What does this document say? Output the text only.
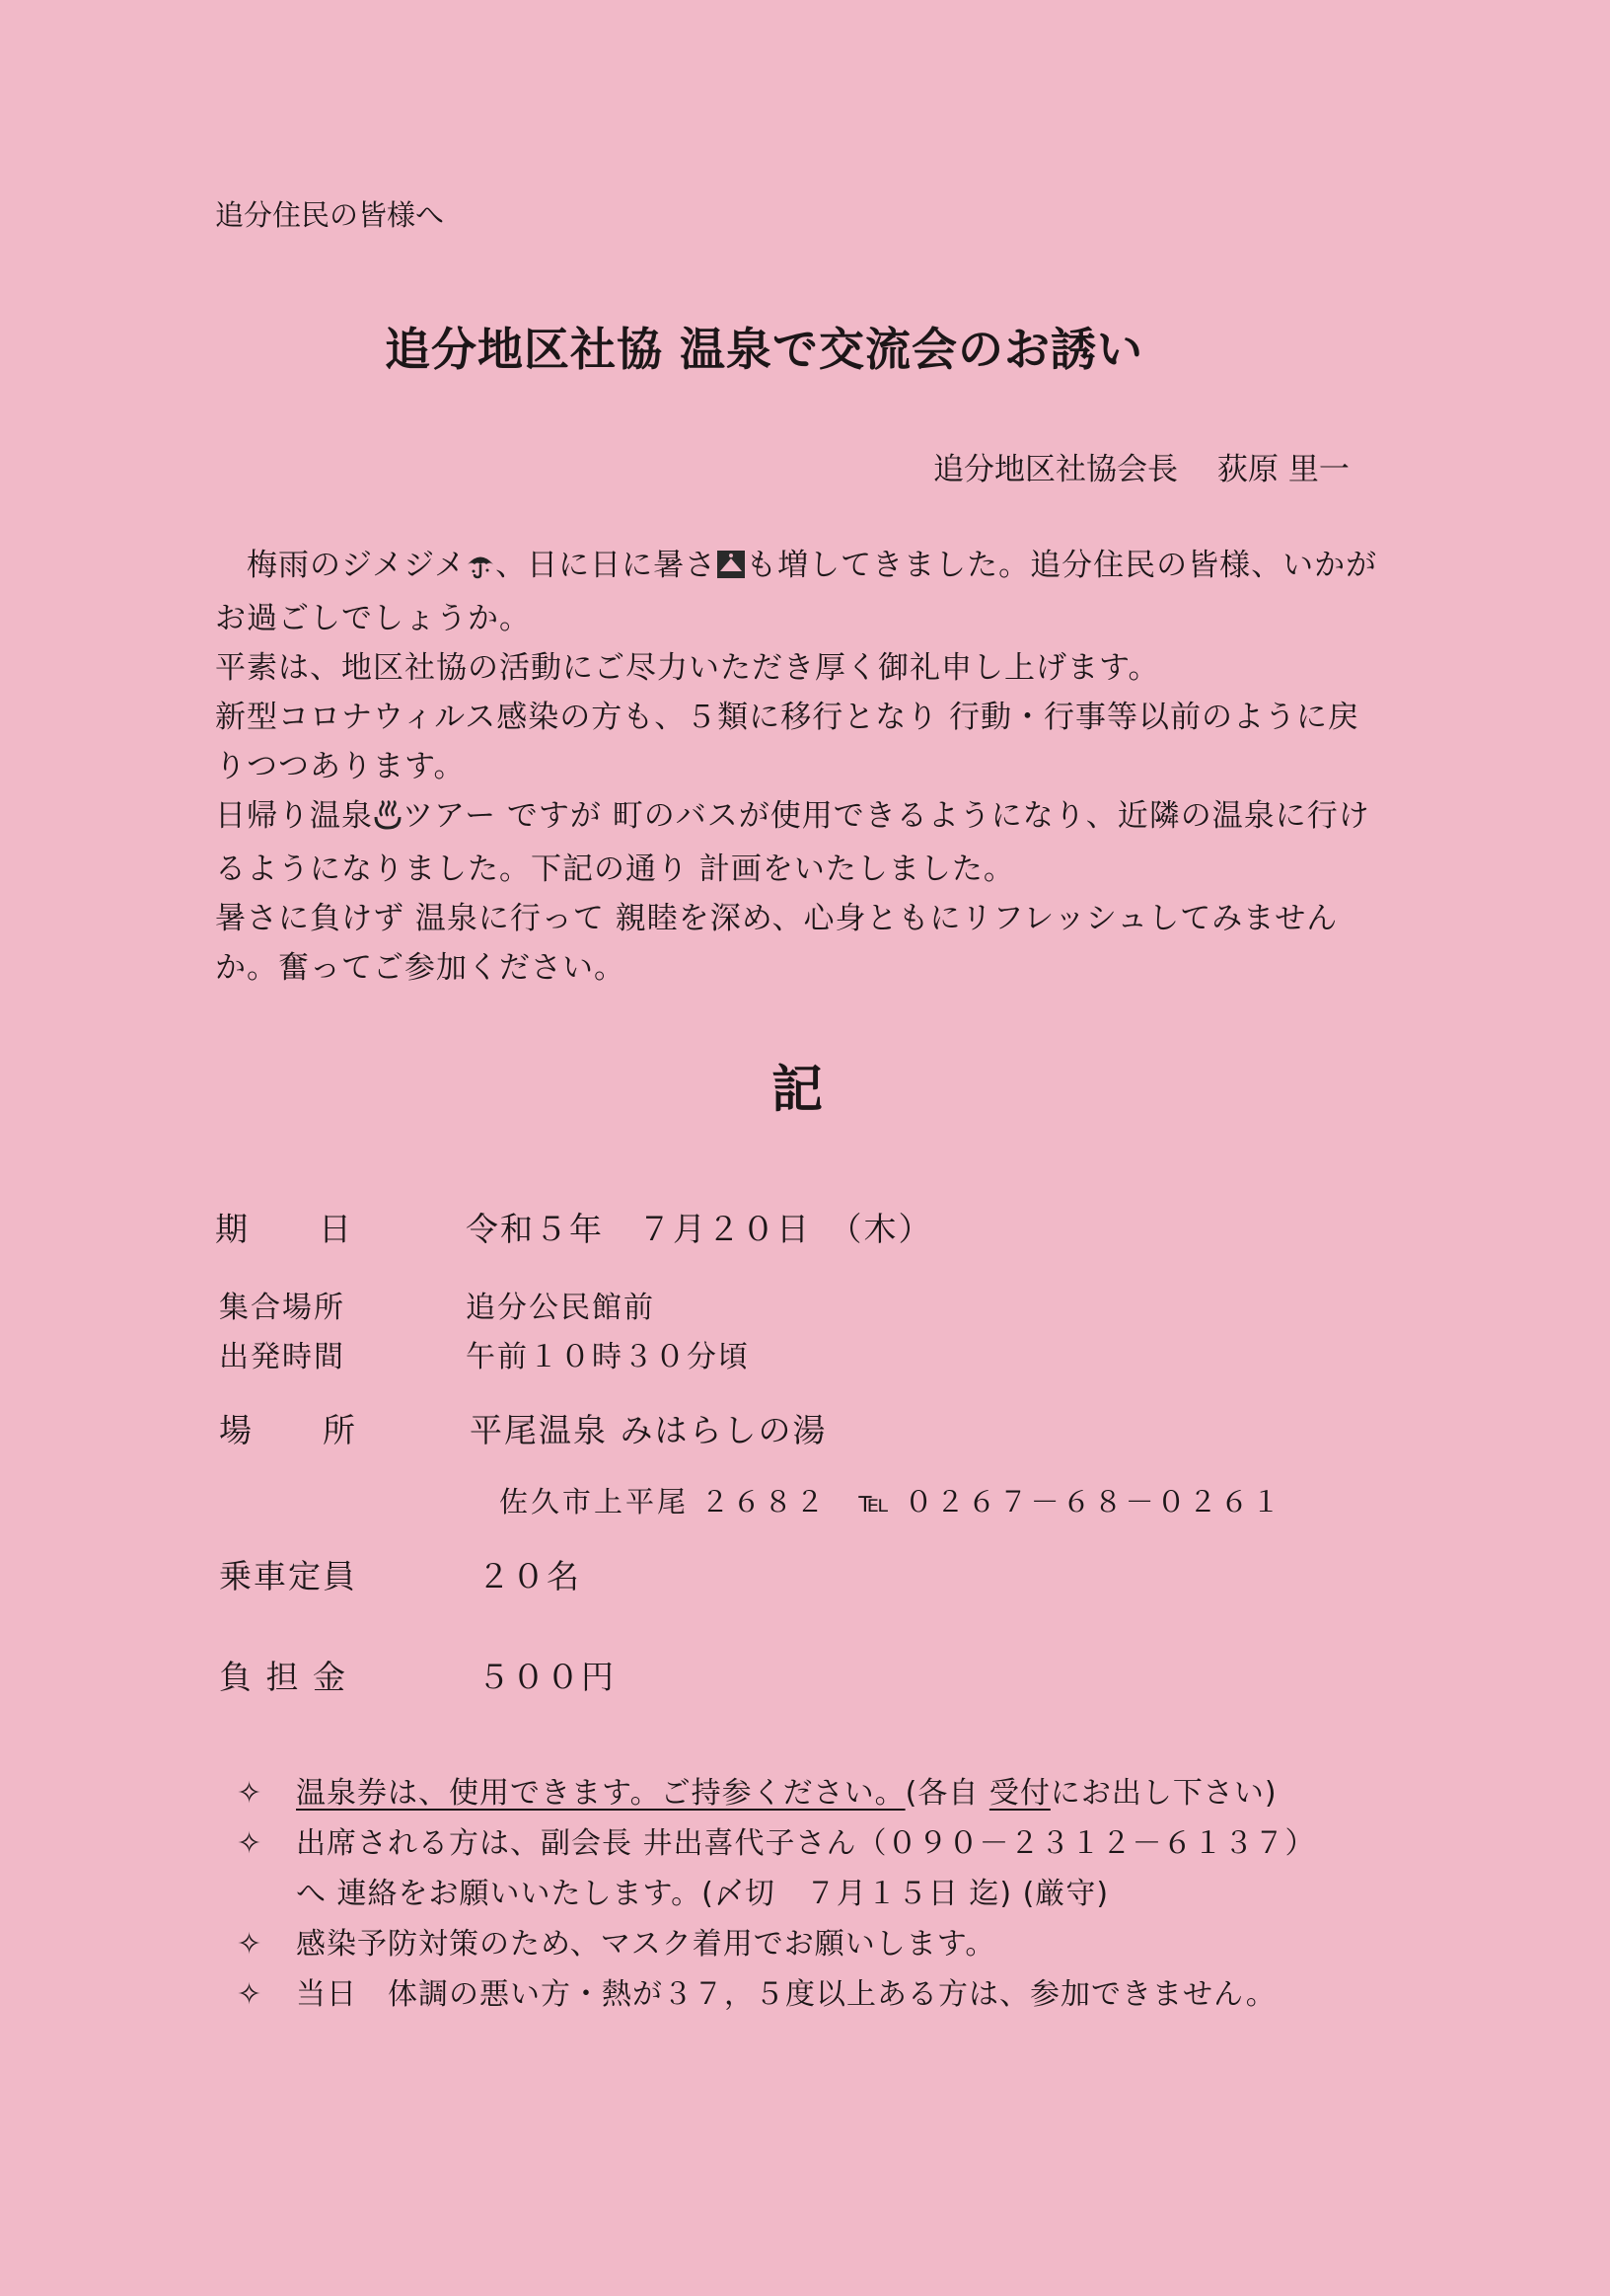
追分住民の皆様へ
追分地区社協 温泉で交流会のお誘い
追分地区社協会長 荻原 里一

　梅雨のジメジメ 、日に日に暑さ も増してきました。追分住民の皆様、いかがお過ごしでしょうか。

平素は、地区社協の活動にご尽力いただき厚く御礼申し上げます。

新型コロナウィルス感染の方も、５類に移行となり 行動・行事等以前のように戻りつつあります。

日帰り温泉 ツアー ですが 町のバスが使用できるようになり、近隣の温泉に行けるようになりました。下記の通り 計画をいたしました。

暑さに負けず 温泉に行って 親睦を深め、心身ともにリフレッシュしてみませんか。奮ってご参加ください。

記
期　　日	令和５年　７月２０日　（木）
集合場所	追分公民館前
出発時間	午前１０時３０分頃
場　　所	平尾温泉 みはらしの湯
佐久市上平尾 ２６８２　℡ ０２６７－６８－０２６１
乗車定員	２０名
負 担 金	５００円
✧ 温泉券は、使用できます。ご持参ください。(各自 受付にお出し下さい)
✧ 出席される方は、副会長 井出喜代子さん（０９０－２３１２－６１３７）
へ 連絡をお願いいたします。(〆切　７月１５日 迄) (厳守)
✧ 感染予防対策のため、マスク着用でお願いします。
✧ 当日　体調の悪い方・熱が３７，５度以上ある方は、参加できません。
